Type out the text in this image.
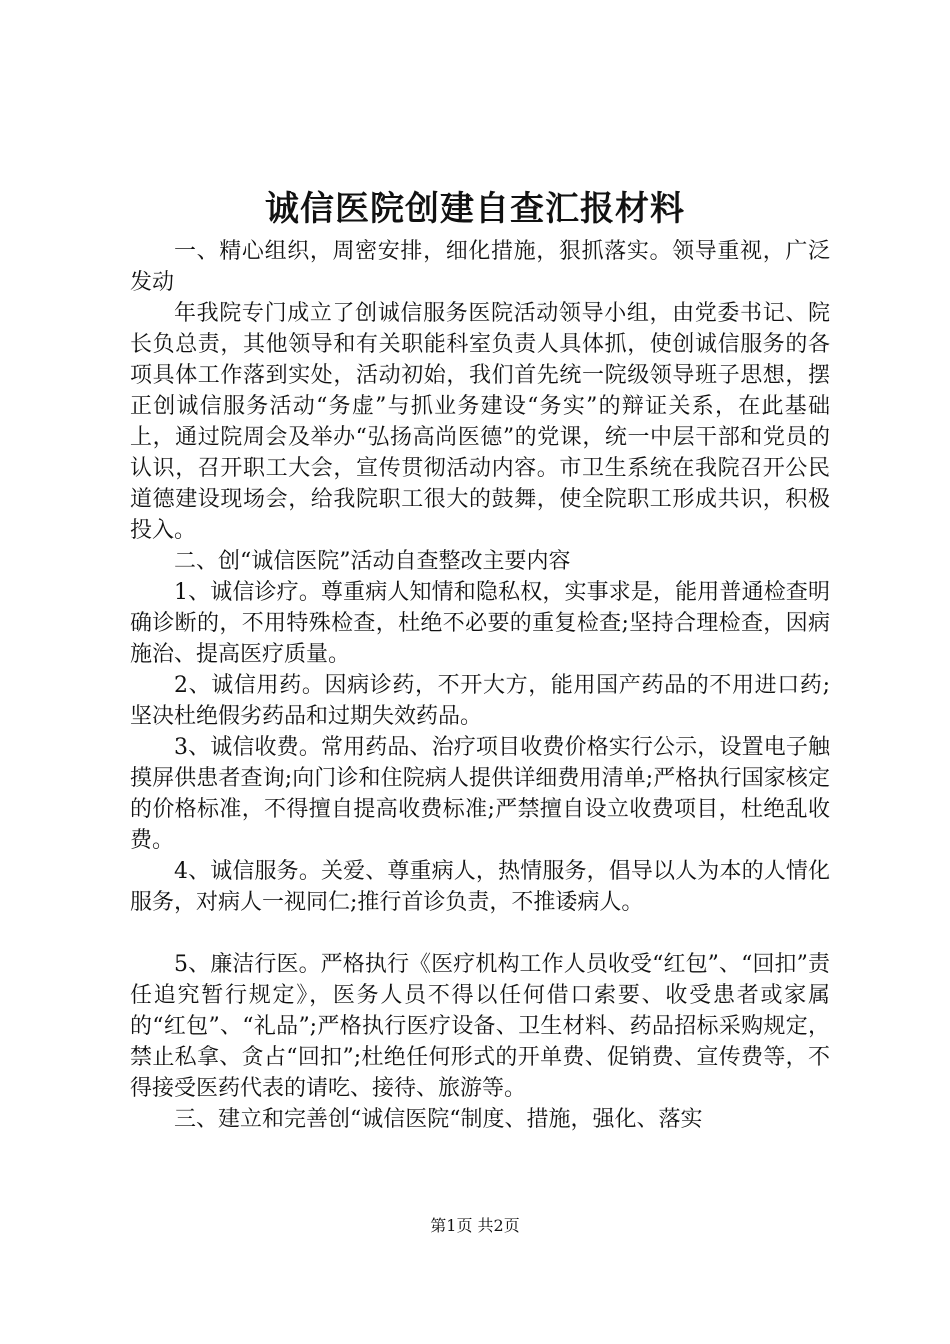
诚信医院创建自查汇报材料

一、精心组织，周密安排，细化措施，狠抓落实。领导重视，广泛发动

年我院专门成立了创诚信服务医院活动领导小组，由党委书记、院长负总责，其他领导和有关职能科室负责人具体抓，使创诚信服务的各项具体工作落到实处，活动初始，我们首先统一院级领导班子思想，摆正创诚信服务活动“务虚”与抓业务建设“务实”的辩证关系，在此基础上，通过院周会及举办“弘扬高尚医德”的党课，统一中层干部和党员的认识，召开职工大会，宣传贯彻活动内容。市卫生系统在我院召开公民道德建设现场会，给我院职工很大的鼓舞，使全院职工形成共识，积极投入。

二、创“诚信医院”活动自查整改主要内容

1、诚信诊疗。尊重病人知情和隐私权，实事求是，能用普通检查明确诊断的，不用特殊检查，杜绝不必要的重复检查;坚持合理检查，因病施治、提高医疗质量。

2、诚信用药。因病诊药，不开大方，能用国产药品的不用进口药;坚决杜绝假劣药品和过期失效药品。

3、诚信收费。常用药品、治疗项目收费价格实行公示，设置电子触摸屏供患者查询;向门诊和住院病人提供详细费用清单;严格执行国家核定的价格标准，不得擅自提高收费标准;严禁擅自设立收费项目，杜绝乱收费。

4、诚信服务。关爱、尊重病人，热情服务，倡导以人为本的人情化服务，对病人一视同仁;推行首诊负责，不推诿病人。

5、廉洁行医。严格执行《医疗机构工作人员收受“红包”、“回扣”责任追究暂行规定》，医务人员不得以任何借口索要、收受患者或家属的“红包”、“礼品”;严格执行医疗设备、卫生材料、药品招标采购规定，禁止私拿、贪占“回扣”;杜绝任何形式的开单费、促销费、宣传费等，不得接受医药代表的请吃、接待、旅游等。

三、建立和完善创“诚信医院“制度、措施，强化、落实

第1页 共2页
